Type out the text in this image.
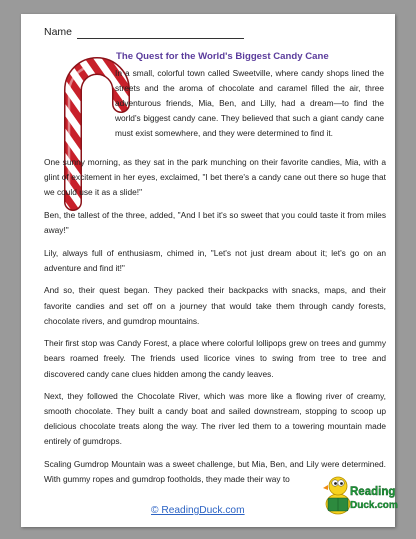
Name
The Quest for the World's Biggest Candy Cane

In a small, colorful town called Sweetville, where candy shops lined the streets and the aroma of chocolate and caramel filled the air, three adventurous friends, Mia, Ben, and Lilly, had a dream—to find the world's biggest candy cane. They believed that such a giant candy cane must exist somewhere, and they were determined to find it.

One sunny morning, as they sat in the park munching on their favorite candies, Mia, with a glint of excitement in her eyes, exclaimed, "I bet there's a candy cane out there so huge that we could use it as a slide!"

Ben, the tallest of the three, added, "And I bet it's so sweet that you could taste it from miles away!"

Lily, always full of enthusiasm, chimed in, "Let's not just dream about it; let's go on an adventure and find it!"

And so, their quest began. They packed their backpacks with snacks, maps, and their favorite candies and set off on a journey that would take them through candy forests, chocolate rivers, and gumdrop mountains.

Their first stop was Candy Forest, a place where colorful lollipops grew on trees and gummy bears roamed freely. The friends used licorice vines to swing from tree to tree and discovered candy cane clues hidden among the candy leaves.

Next, they followed the Chocolate River, which was more like a flowing river of creamy, smooth chocolate. They built a candy boat and sailed downstream, stopping to scoop up delicious chocolate treats along the way. The river led them to a towering mountain made entirely of gumdrops.

Scaling Gumdrop Mountain was a sweet challenge, but Mia, Ben, and Lily were determined. With gummy ropes and gumdrop footholds, they made their way to

© ReadingDuck.com
Reading
Duck.com
